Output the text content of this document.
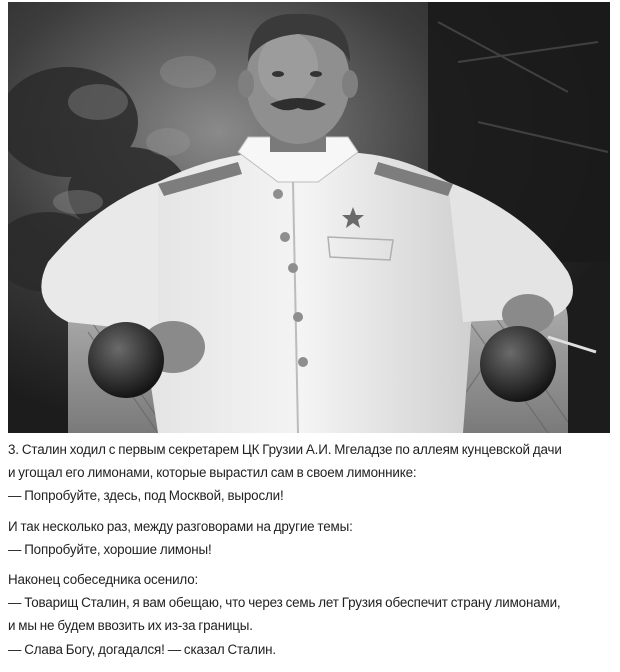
3. Сталин ходил с первым секретарем ЦК Грузии А.И. Мгеладзе по аллеям кунцевской дачи
и угощал его лимонами, которые вырастил сам в своем лимоннике:
— Попробуйте, здесь, под Москвой, выросли!
И так несколько раз, между разговорами на другие темы:
— Попробуйте, хорошие лимоны!
Наконец собеседника осенило:
— Товарищ Сталин, я вам обещаю, что через семь лет Грузия обеспечит страну лимонами,
и мы не будем ввозить их из-за границы.
— Слава Богу, догадался! — сказал Сталин.
